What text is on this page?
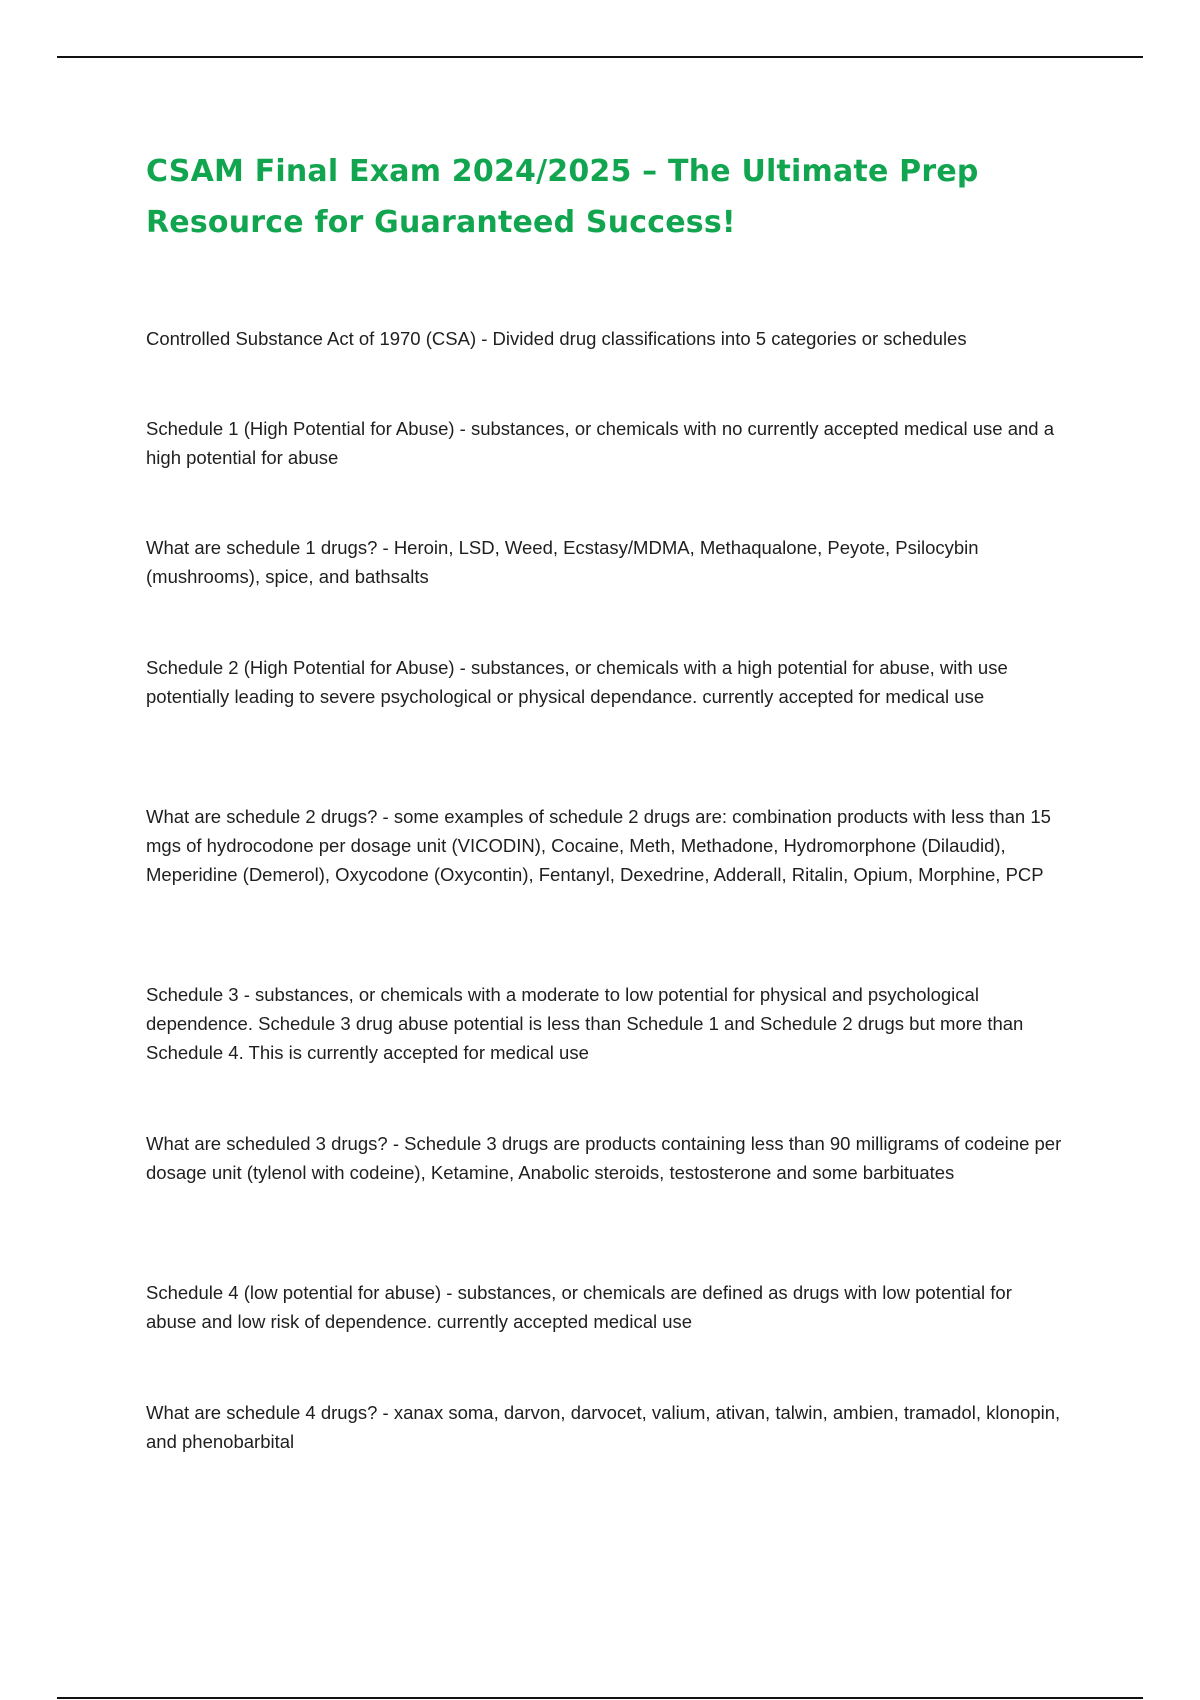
CSAM Final Exam 2024/2025 – The Ultimate Prep Resource for Guaranteed Success!

Controlled Substance Act of 1970 (CSA) - Divided drug classifications into 5 categories or schedules

Schedule 1 (High Potential for Abuse) - substances, or chemicals with no currently accepted medical use and a high potential for abuse

What are schedule 1 drugs? - Heroin, LSD, Weed, Ecstasy/MDMA, Methaqualone, Peyote, Psilocybin (mushrooms), spice, and bathsalts

Schedule 2 (High Potential for Abuse) - substances, or chemicals with a high potential for abuse, with use potentially leading to severe psychological or physical dependance. currently accepted for medical use

What are schedule 2 drugs? - some examples of schedule 2 drugs are: combination products with less than 15 mgs of hydrocodone per dosage unit (VICODIN), Cocaine, Meth, Methadone, Hydromorphone (Dilaudid), Meperidine (Demerol), Oxycodone (Oxycontin), Fentanyl, Dexedrine, Adderall, Ritalin, Opium, Morphine, PCP

Schedule 3 - substances, or chemicals with a moderate to low potential for physical and psychological dependence. Schedule 3 drug abuse potential is less than Schedule 1 and Schedule 2 drugs but more than Schedule 4. This is currently accepted for medical use

What are scheduled 3 drugs? - Schedule 3 drugs are products containing less than 90 milligrams of codeine per dosage unit (tylenol with codeine), Ketamine, Anabolic steroids, testosterone and some barbituates

Schedule 4 (low potential for abuse) - substances, or chemicals are defined as drugs with low potential for abuse and low risk of dependence. currently accepted medical use

What are schedule 4 drugs? - xanax soma, darvon, darvocet, valium, ativan, talwin, ambien, tramadol, klonopin, and phenobarbital
